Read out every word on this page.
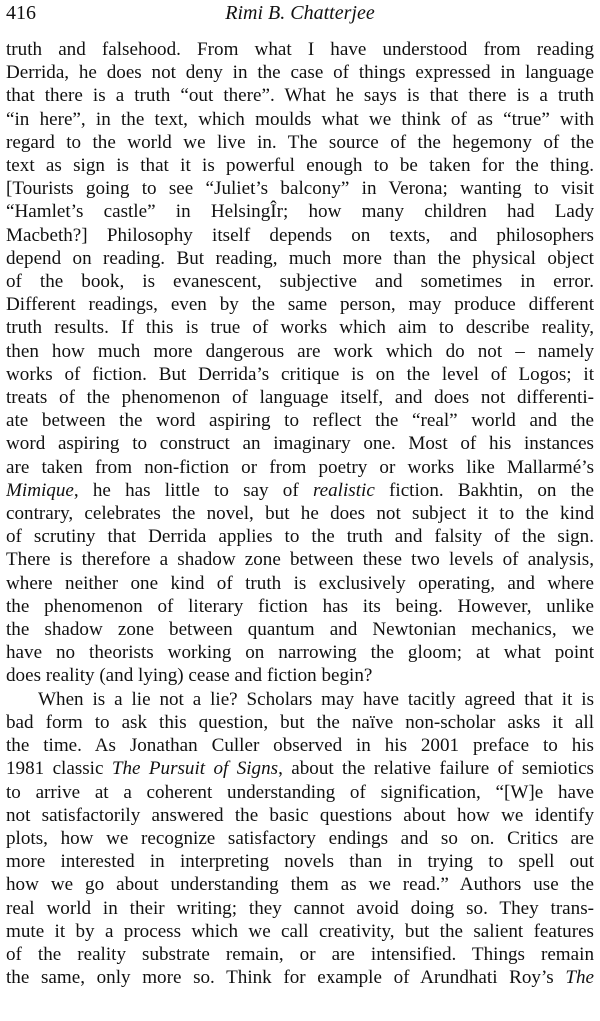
416	Rimi B. Chatterjee
truth and falsehood. From what I have understood from reading
Derrida, he does not deny in the case of things expressed in language
that there is a truth “out there”. What he says is that there is a truth
“in here”, in the text, which moulds what we think of as “true” with
regard to the world we live in. The source of the hegemony of the
text as sign is that it is powerful enough to be taken for the thing.
[Tourists going to see “Juliet’s balcony” in Verona; wanting to visit
“Hamlet’s castle” in HelsingÎr; how many children had Lady
Macbeth?] Philosophy itself depends on texts, and philosophers
depend on reading. But reading, much more than the physical object
of the book, is evanescent, subjective and sometimes in error.
Different readings, even by the same person, may produce different
truth results. If this is true of works which aim to describe reality,
then how much more dangerous are work which do not – namely
works of fiction. But Derrida’s critique is on the level of Logos; it
treats of the phenomenon of language itself, and does not differenti-
ate between the word aspiring to reflect the “real” world and the
word aspiring to construct an imaginary one. Most of his instances
are taken from non-fiction or from poetry or works like Mallarmé’s
Mimique, he has little to say of realistic fiction. Bakhtin, on the
contrary, celebrates the novel, but he does not subject it to the kind
of scrutiny that Derrida applies to the truth and falsity of the sign.
There is therefore a shadow zone between these two levels of analysis,
where neither one kind of truth is exclusively operating, and where
the phenomenon of literary fiction has its being. However, unlike
the shadow zone between quantum and Newtonian mechanics, we
have no theorists working on narrowing the gloom; at what point
does reality (and lying) cease and fiction begin?
When is a lie not a lie? Scholars may have tacitly agreed that it is
bad form to ask this question, but the naïve non-scholar asks it all
the time. As Jonathan Culler observed in his 2001 preface to his
1981 classic The Pursuit of Signs, about the relative failure of semiotics
to arrive at a coherent understanding of signification, “[W]e have
not satisfactorily answered the basic questions about how we identify
plots, how we recognize satisfactory endings and so on. Critics are
more interested in interpreting novels than in trying to spell out
how we go about understanding them as we read.” Authors use the
real world in their writing; they cannot avoid doing so. They trans-
mute it by a process which we call creativity, but the salient features
of the reality substrate remain, or are intensified. Things remain
the same, only more so. Think for example of Arundhati Roy’s The
